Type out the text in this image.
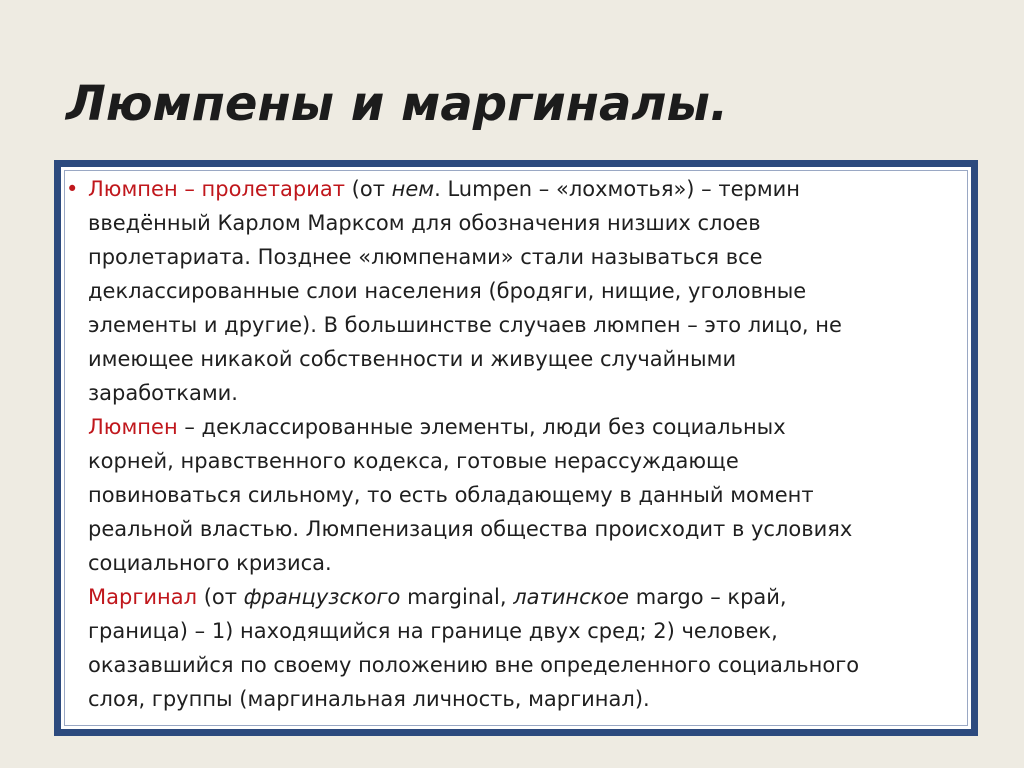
Люмпены и маргиналы.
• Люмпен – пролетариат (от нем. Lumpen – «лохмотья») – термин
введённый Карлом Марксом для обозначения низших слоев
пролетариата. Позднее «люмпенами» стали называться все
деклассированные слои населения (бродяги, нищие, уголовные
элементы и другие). В большинстве случаев люмпен – это лицо, не
имеющее никакой собственности и живущее случайными
заработками.
Люмпен – деклассированные элементы, люди без социальных
корней, нравственного кодекса, готовые нерассуждающе
повиноваться сильному, то есть обладающему в данный момент
реальной властью. Люмпенизация общества происходит в условиях
социального кризиса.
Маргинал (от французского marginal, латинское margo – край,
граница) – 1) находящийся на границе двух сред; 2) человек,
оказавшийся по своему положению вне определенного социального
слоя, группы (маргинальная личность, маргинал).
